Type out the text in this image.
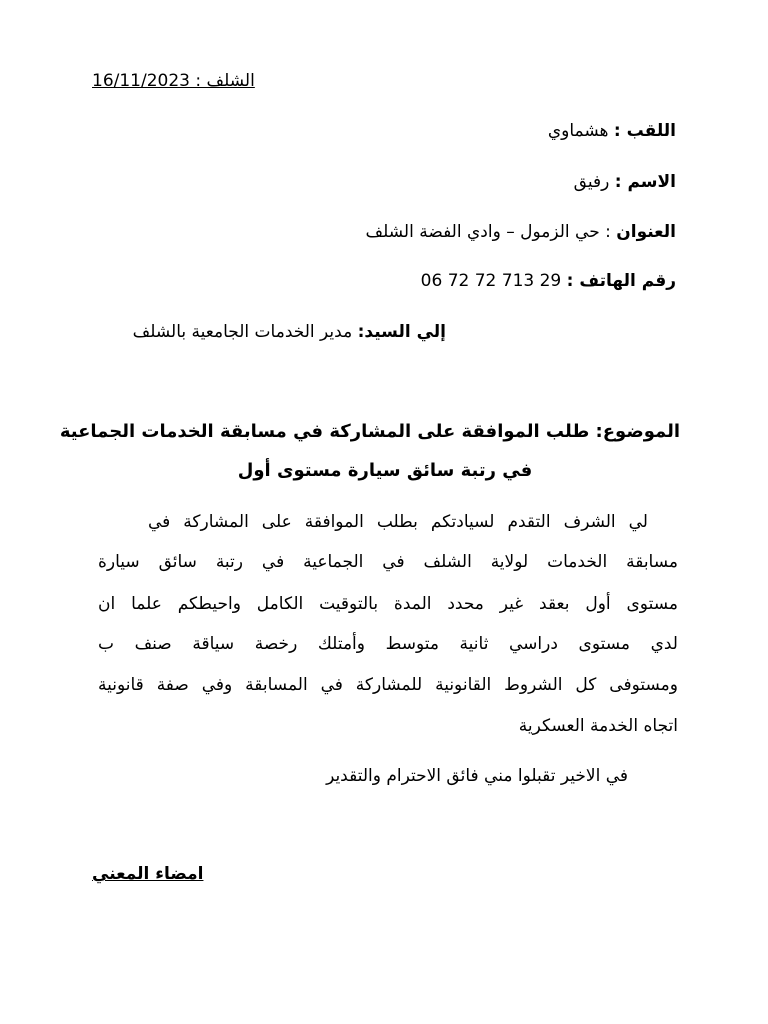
الشلف : 16/11/2023
اللقب : هشماوي
الاسم : رفيق
العنوان : حي الزمول – وادي الفضة الشلف
رقم الهاتف : 06 72 72 713 29
إلي السيد: مدير الخدمات الجامعية بالشلف
الموضوع: طلب الموافقة على المشاركة في مسابقة الخدمات الجماعية
في رتبة سائق سيارة مستوى أول
لي الشرف التقدم لسيادتكم بطلب الموافقة على المشاركة في
مسابقة الخدمات لولاية الشلف في الجماعية في رتبة سائق سيارة
مستوى أول بعقد غير محدد المدة بالتوقيت الكامل واحيطكم علما ان
لدي مستوى دراسي ثانية متوسط وأمتلك رخصة سياقة صنف ب
ومستوفى كل الشروط القانونية للمشاركة في المسابقة وفي صفة قانونية
اتجاه الخدمة العسكرية
في الاخير تقبلوا مني فائق الاحترام والتقدير
امضاء المعني
